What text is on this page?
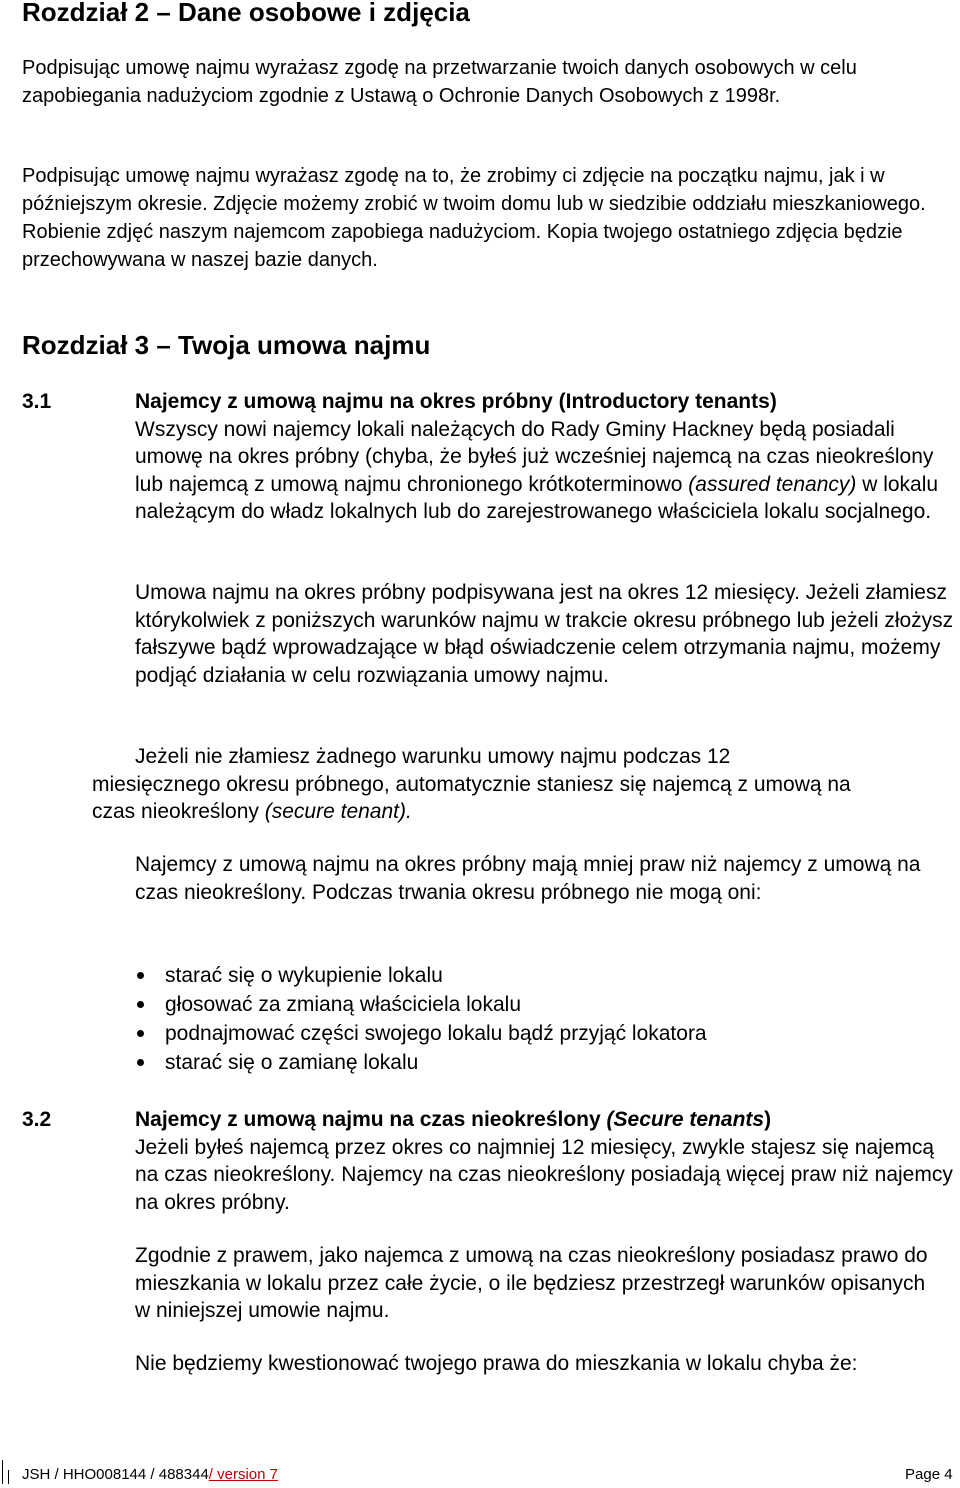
Rozdział 2 – Dane osobowe i zdjęcia

Podpisując umowę najmu wyrażasz zgodę na przetwarzanie twoich danych osobowych w celu zapobiegania nadużyciom zgodnie z Ustawą o Ochronie Danych Osobowych z 1998r.

Podpisując umowę najmu wyrażasz zgodę na to, że zrobimy ci zdjęcie na początku najmu, jak i w późniejszym okresie. Zdjęcie możemy zrobić w twoim domu lub w siedzibie oddziału mieszkaniowego. Robienie zdjęć naszym najemcom zapobiega nadużyciom. Kopia twojego ostatniego zdjęcia będzie przechowywana w naszej bazie danych.

Rozdział 3 – Twoja umowa najmu
3.1	Najemcy z umową najmu na okres próbny (Introductory tenants)

Wszyscy nowi najemcy lokali należących do Rady Gminy Hackney będą posiadali umowę na okres próbny (chyba, że byłeś już wcześniej najemcą na czas nieokreślony lub najemcą z umową najmu chronionego krótkoterminowo (assured tenancy) w lokalu należącym do władz lokalnych lub do zarejestrowanego właściciela lokalu socjalnego.

Umowa najmu na okres próbny podpisywana jest na okres 12 miesięcy. Jeżeli złamiesz którykolwiek z poniższych warunków najmu w trakcie okresu próbnego lub jeżeli złożysz fałszywe bądź wprowadzające w błąd oświadczenie celem otrzymania najmu, możemy podjąć działania w celu rozwiązania umowy najmu.

Jeżeli nie złamiesz żadnego warunku umowy najmu podczas 12
miesięcznego okresu próbnego, automatycznie staniesz się najemcą z umową na
czas nieokreślony (secure tenant).

Najemcy z umową najmu na okres próbny mają mniej praw niż najemcy z umową na czas nieokreślony. Podczas trwania okresu próbnego nie mogą oni:

starać się o wykupienie lokalu
głosować za zmianą właściciela lokalu
podnajmować części swojego lokalu bądź przyjąć lokatora
starać się o zamianę lokalu
3.2	Najemcy z umową najmu na czas nieokreślony (Secure tenants)

Jeżeli byłeś najemcą przez okres co najmniej 12 miesięcy, zwykle stajesz się najemcą na czas nieokreślony. Najemcy na czas nieokreślony posiadają więcej praw niż najemcy na okres próbny.

Zgodnie z prawem, jako najemca z umową na czas nieokreślony posiadasz prawo do mieszkania w lokalu przez całe życie, o ile będziesz przestrzegł warunków opisanych w niniejszej umowie najmu.

Nie będziemy kwestionować twojego prawa do mieszkania w lokalu chyba że:

JSH / HHO008144 / 488344/ version 7	Page 4
